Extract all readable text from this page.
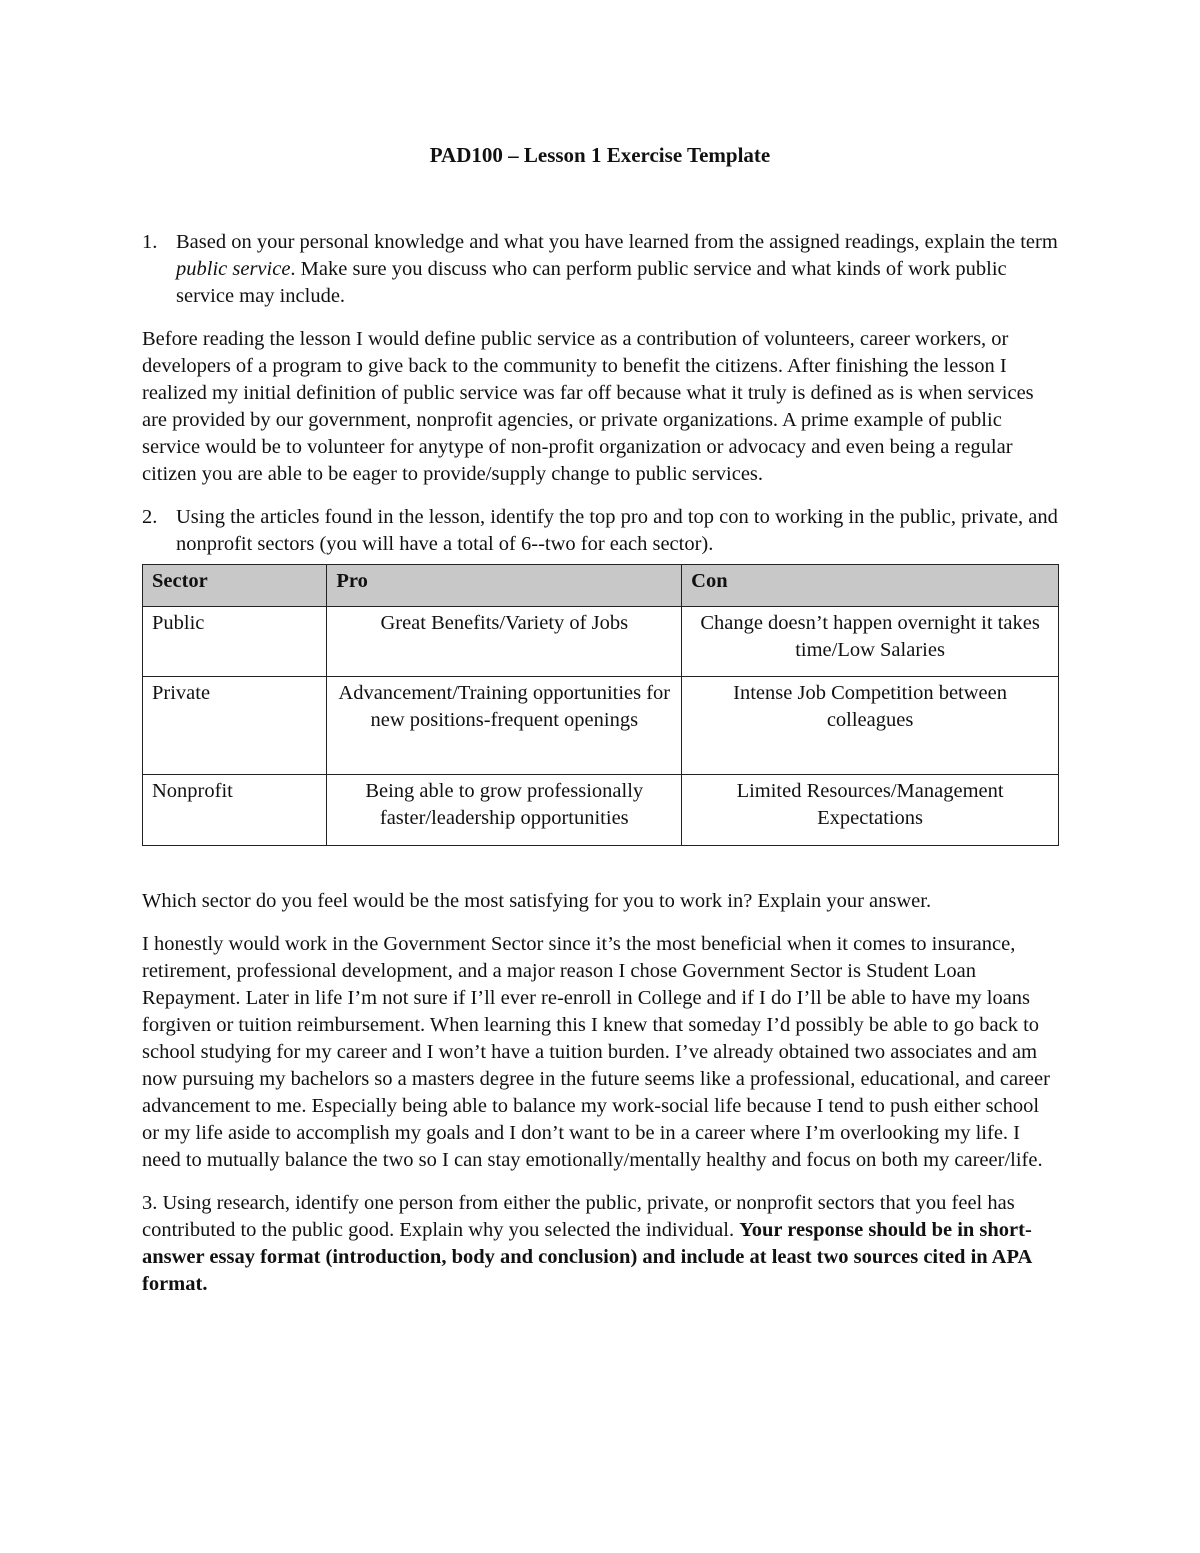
PAD100 – Lesson 1 Exercise Template
1. Based on your personal knowledge and what you have learned from the assigned readings, explain the term public service. Make sure you discuss who can perform public service and what kinds of work public service may include.

Before reading the lesson I would define public service as a contribution of volunteers, career workers, or developers of a program to give back to the community to benefit the citizens. After finishing the lesson I realized my initial definition of public service was far off because what it truly is defined as is when services are provided by our government, nonprofit agencies, or private organizations. A prime example of public service would be to volunteer for anytype of non-profit organization or advocacy and even being a regular citizen you are able to be eager to provide/supply change to public services.

2. Using the articles found in the lesson, identify the top pro and top con to working in the public, private, and nonprofit sectors (you will have a total of 6--two for each sector).
Sector	Pro	Con
Public	Great Benefits/Variety of Jobs	Change doesn’t happen overnight it takes time/Low Salaries
Private	Advancement/Training opportunities for new positions-frequent openings	Intense Job Competition between colleagues
Nonprofit	Being able to grow professionally faster/leadership opportunities	Limited Resources/Management Expectations

Which sector do you feel would be the most satisfying for you to work in? Explain your answer.

I honestly would work in the Government Sector since it’s the most beneficial when it comes to insurance, retirement, professional development, and a major reason I chose Government Sector is Student Loan Repayment. Later in life I’m not sure if I’ll ever re-enroll in College and if I do I’ll be able to have my loans forgiven or tuition reimbursement. When learning this I knew that someday I’d possibly be able to go back to school studying for my career and I won’t have a tuition burden. I’ve already obtained two associates and am now pursuing my bachelors so a masters degree in the future seems like a professional, educational, and career advancement to me. Especially being able to balance my work-social life because I tend to push either school or my life aside to accomplish my goals and I don’t want to be in a career where I’m overlooking my life. I need to mutually balance the two so I can stay emotionally/mentally healthy and focus on both my career/life.

3. Using research, identify one person from either the public, private, or nonprofit sectors that you feel has contributed to the public good. Explain why you selected the individual. Your response should be in short-answer essay format (introduction, body and conclusion) and include at least two sources cited in APA format.
